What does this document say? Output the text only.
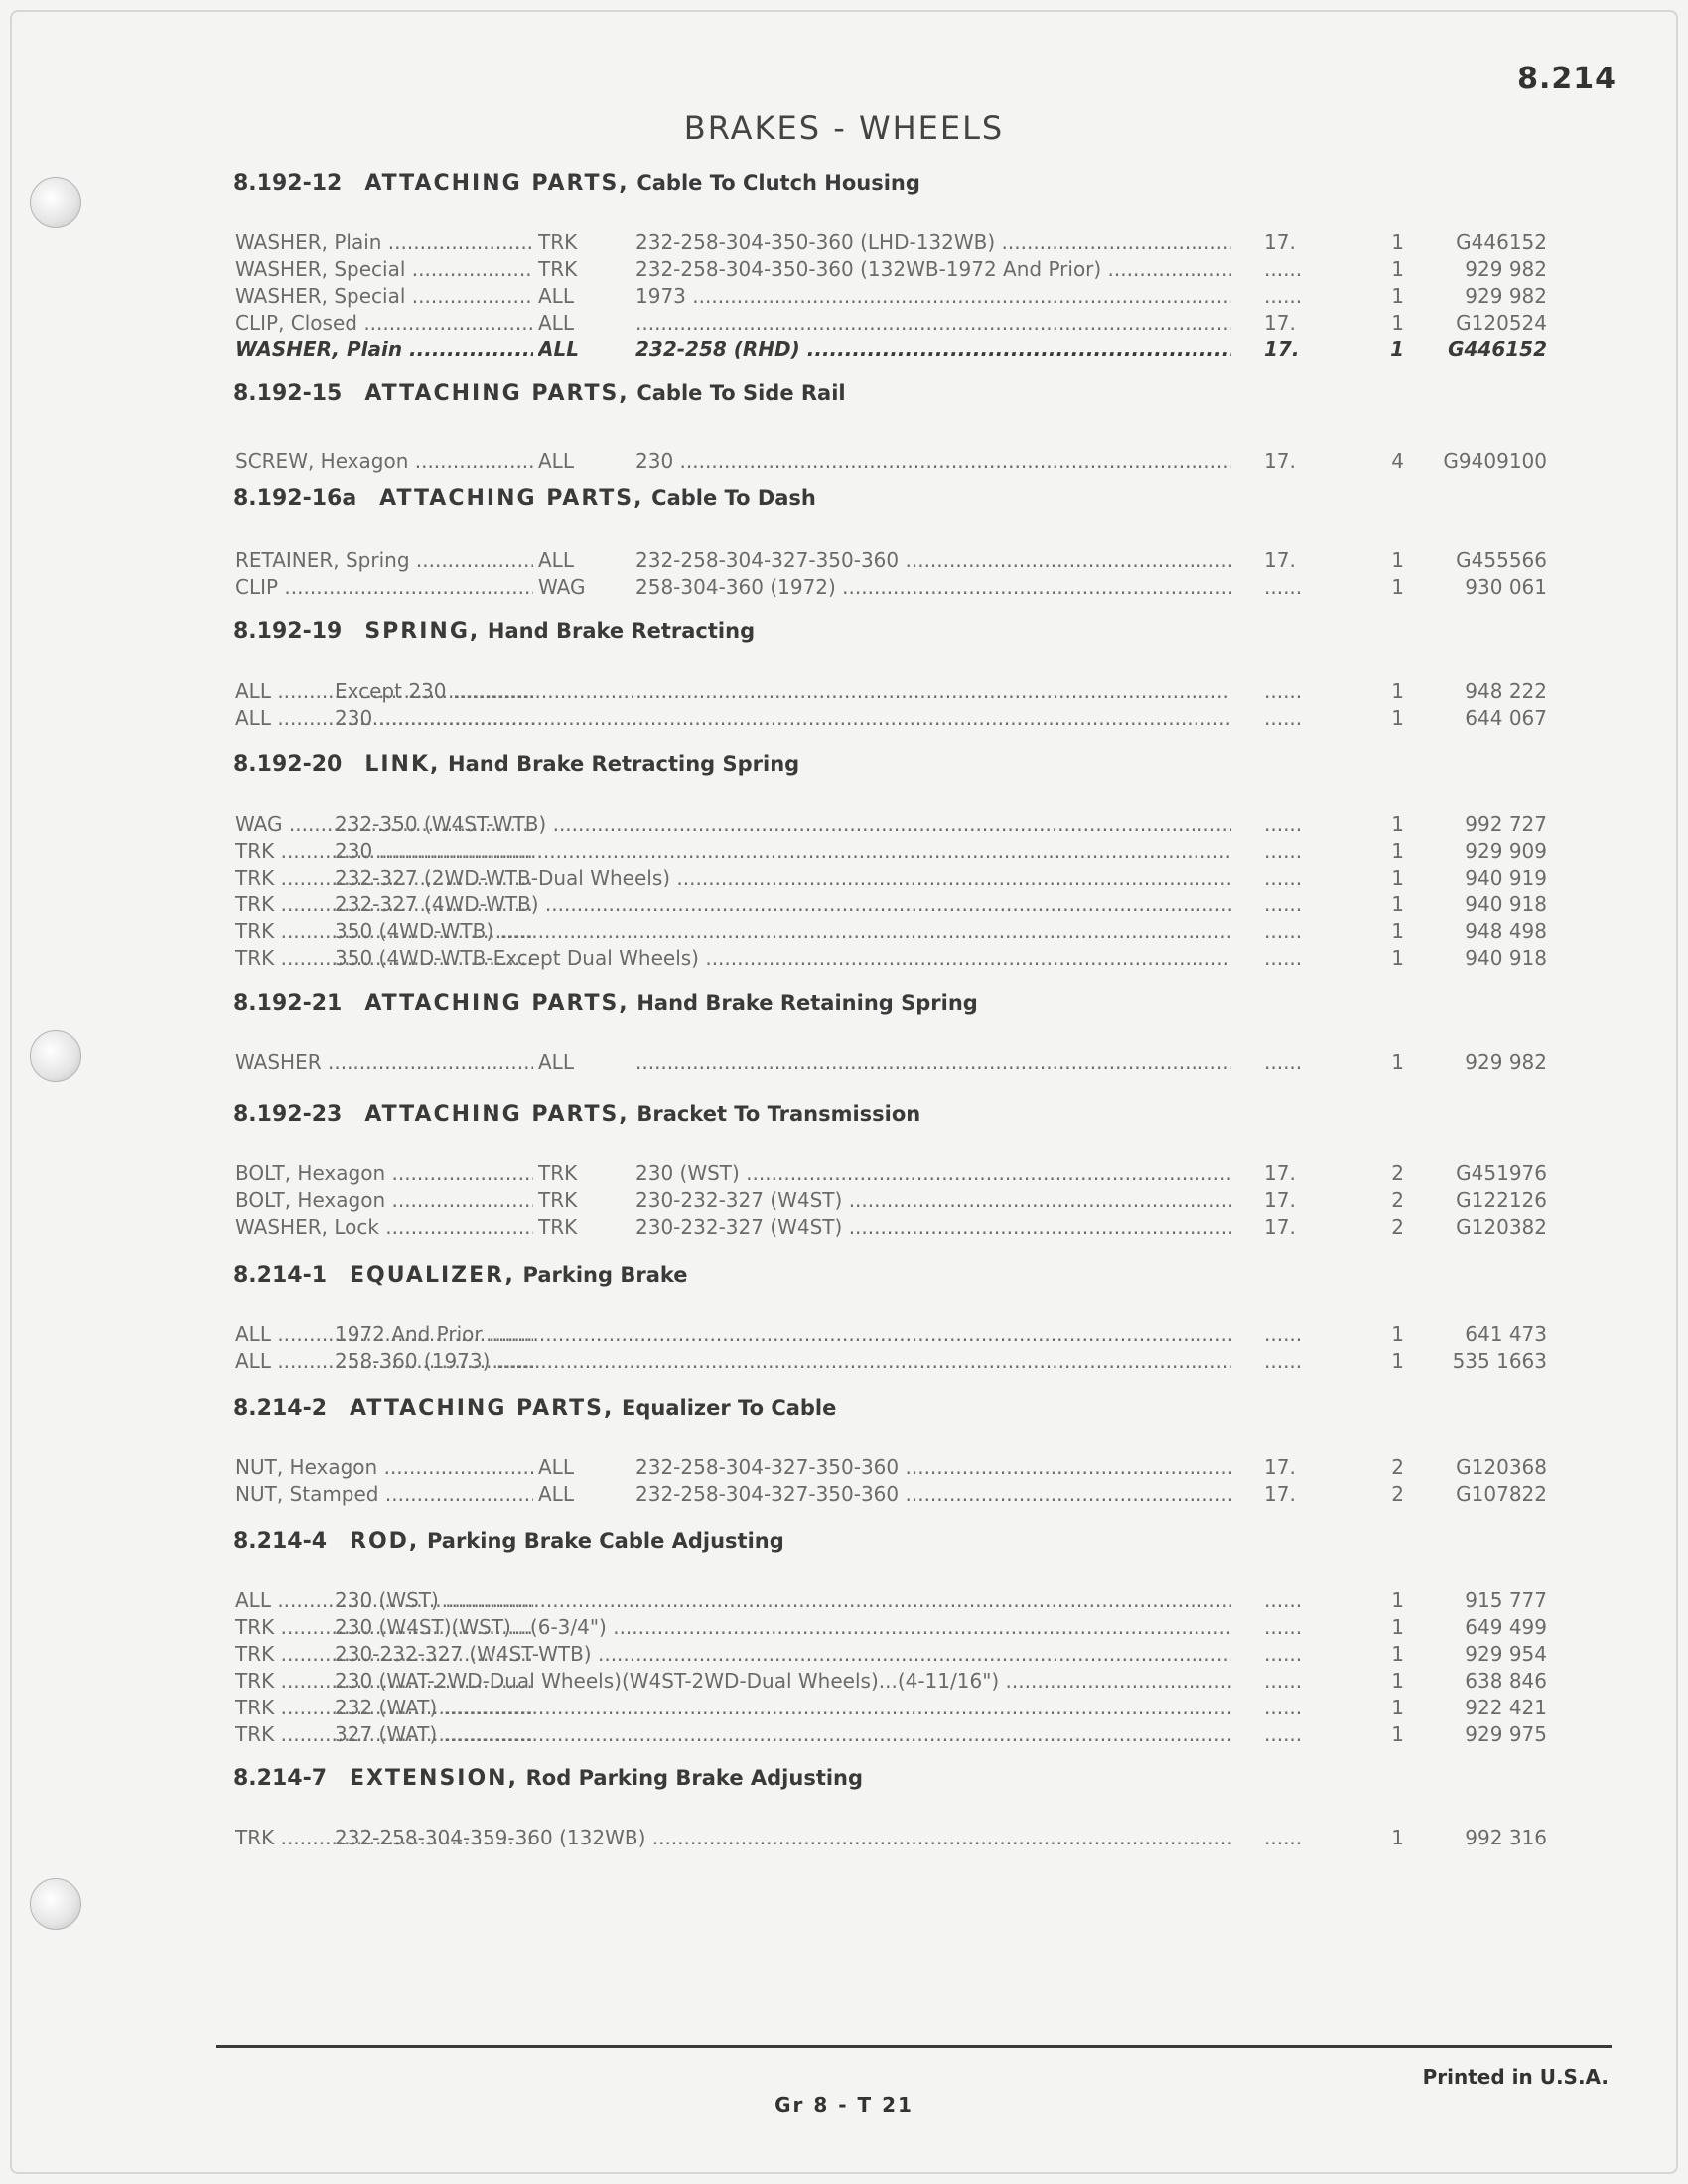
8.214
BRAKES - WHEELS
8.192-12 ATTACHING PARTS, Cable To Clutch Housing
WASHER, Plain .....	TRK	232-258-304-350-360 (LHD-132WB) .....	17.	1	G446152
WASHER, Special .....	TRK	232-258-304-350-360 (132WB-1972 And Prior) .....	......	1	929 982
WASHER, Special .....	ALL	1973 .....	......	1	929 982
CLIP, Closed .....	ALL .....	17.	1	G120524
WASHER, Plain .....	ALL	232-258 (RHD) .....	17.	1	G446152
8.192-15 ATTACHING PARTS, Cable To Side Rail
SCREW, Hexagon .....	ALL	230 .....	17.	4	G9409100
8.192-16a ATTACHING PARTS, Cable To Dash
RETAINER, Spring .....	ALL	232-258-304-327-350-360 .....	17.	1	G455566
CLIP .....	WAG	258-304-360 (1972) .....	......	1	930 061
8.192-19 SPRING, Hand Brake Retracting
ALL .....	Except 230 .....	......	1	948 222
ALL .....	230 .....	......	1	644 067
8.192-20 LINK, Hand Brake Retracting Spring
WAG .....	232-350 (W4ST-WTB) .....	......	1	992 727
TRK .....	230 .....	......	1	929 909
TRK .....	232-327 (2WD-WTB-Dual Wheels) .....	......	1	940 919
TRK .....	232-327 (4WD-WTB) .....	......	1	940 918
TRK .....	350 (4WD-WTB) .....	......	1	948 498
TRK .....	350 (4WD-WTB-Except Dual Wheels) .....	......	1	940 918
8.192-21 ATTACHING PARTS, Hand Brake Retaining Spring
WASHER .....	ALL .....	......	1	929 982
8.192-23 ATTACHING PARTS, Bracket To Transmission
BOLT, Hexagon .....	TRK	230 (WST) .....	17.	2	G451976
BOLT, Hexagon .....	TRK	230-232-327 (W4ST) .....	17.	2	G122126
WASHER, Lock .....	TRK	230-232-327 (W4ST) .....	17.	2	G120382
8.214-1 EQUALIZER, Parking Brake
ALL .....	1972 And Prior .....	......	1	641 473
ALL .....	258-360 (1973) .....	......	1	535 1663
8.214-2 ATTACHING PARTS, Equalizer To Cable
NUT, Hexagon .....	ALL	232-258-304-327-350-360 .....	17.	2	G120368
NUT, Stamped .....	ALL	232-258-304-327-350-360 .....	17.	2	G107822
8.214-4 ROD, Parking Brake Cable Adjusting
ALL .....	230 (WST) .....	......	1	915 777
TRK .....	230 (W4ST)(WST)...(6-3/4") .....	......	1	649 499
TRK .....	230-232-327 (W4ST-WTB) .....	......	1	929 954
TRK .....	230 (WAT-2WD-Dual Wheels)(W4ST-2WD-Dual Wheels)...(4-11/16") .....	......	1	638 846
TRK .....	232 (WAT) .....	......	1	922 421
TRK .....	327 (WAT) .....	......	1	929 975
8.214-7 EXTENSION, Rod Parking Brake Adjusting
TRK .....	232-258-304-359-360 (132WB) .....	......	1	992 316
Printed in U.S.A.
Gr 8 - T 21
